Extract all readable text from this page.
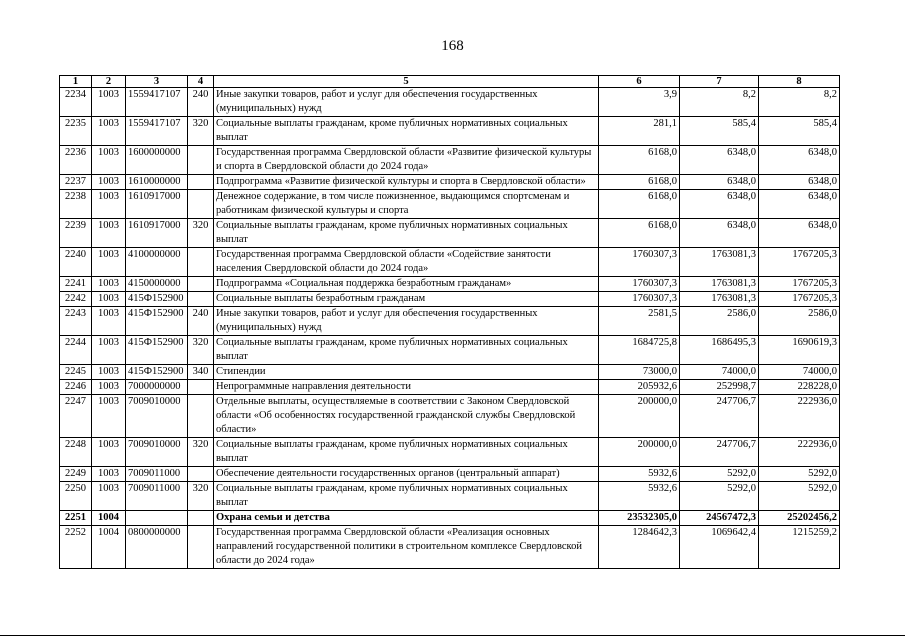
168
1	2	3	4	5	6	7	8
2234	1003	1559417107	240	Иные закупки товаров, работ и услуг для обеспечения государственных (муниципальных) нужд	3,9	8,2	8,2
2235	1003	1559417107	320	Социальные выплаты гражданам, кроме публичных нормативных социальных выплат	281,1	585,4	585,4
2236	1003	1600000000		Государственная программа Свердловской области «Развитие физической культуры и спорта в Свердловской области до 2024 года»	6168,0	6348,0	6348,0
2237	1003	1610000000		Подпрограмма «Развитие физической культуры и спорта в Свердловской области»	6168,0	6348,0	6348,0
2238	1003	1610917000		Денежное содержание, в том числе пожизненное, выдающимся спортсменам и работникам физической культуры и спорта	6168,0	6348,0	6348,0
2239	1003	1610917000	320	Социальные выплаты гражданам, кроме публичных нормативных социальных выплат	6168,0	6348,0	6348,0
2240	1003	4100000000		Государственная программа Свердловской области «Содействие занятости населения Свердловской области до 2024 года»	1760307,3	1763081,3	1767205,3
2241	1003	4150000000		Подпрограмма «Социальная поддержка безработным гражданам»	1760307,3	1763081,3	1767205,3
2242	1003	415Ф152900		Социальные выплаты безработным гражданам	1760307,3	1763081,3	1767205,3
2243	1003	415Ф152900	240	Иные закупки товаров, работ и услуг для обеспечения государственных (муниципальных) нужд	2581,5	2586,0	2586,0
2244	1003	415Ф152900	320	Социальные выплаты гражданам, кроме публичных нормативных социальных выплат	1684725,8	1686495,3	1690619,3
2245	1003	415Ф152900	340	Стипендии	73000,0	74000,0	74000,0
2246	1003	7000000000		Непрограммные направления деятельности	205932,6	252998,7	228228,0
2247	1003	7009010000		Отдельные выплаты, осуществляемые в соответствии с Законом Свердловской области «Об особенностях государственной гражданской службы Свердловской области»	200000,0	247706,7	222936,0
2248	1003	7009010000	320	Социальные выплаты гражданам, кроме публичных нормативных социальных выплат	200000,0	247706,7	222936,0
2249	1003	7009011000		Обеспечение деятельности государственных органов (центральный аппарат)	5932,6	5292,0	5292,0
2250	1003	7009011000	320	Социальные выплаты гражданам, кроме публичных нормативных социальных выплат	5932,6	5292,0	5292,0
2251	1004			Охрана семьи и детства	23532305,0	24567472,3	25202456,2
2252	1004	0800000000		Государственная программа Свердловской области «Реализация основных направлений государственной политики в строительном комплексе Свердловской области до 2024 года»	1284642,3	1069642,4	1215259,2
